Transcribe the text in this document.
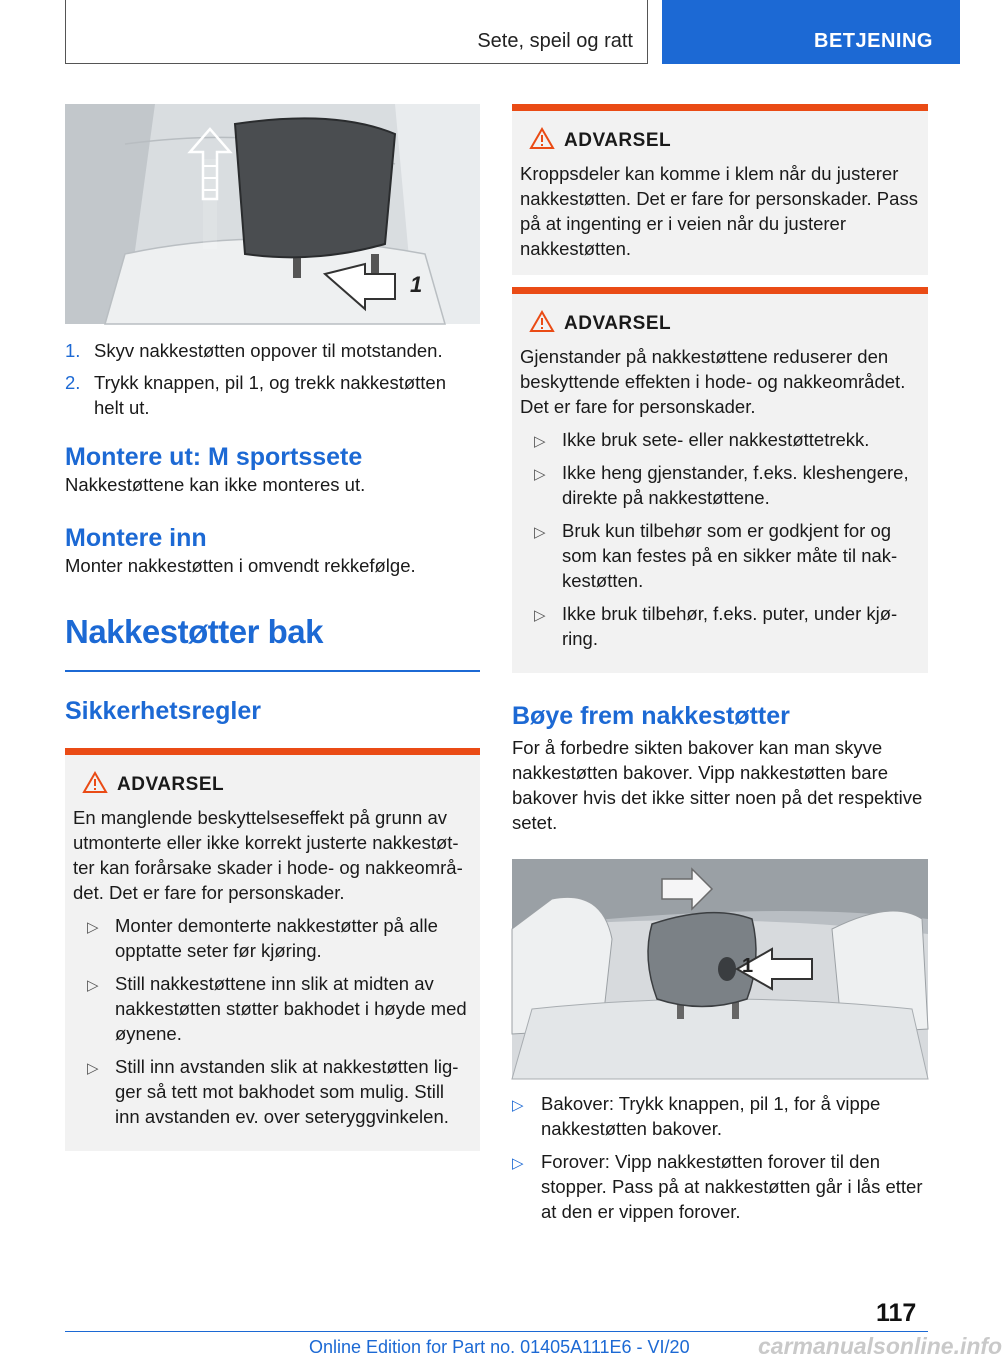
Sete, speil og ratt	BETJENING
1
1. Skyv nakkestøtten oppover til motstanden.
2. Trykk knappen, pil 1, og trekk nakkestøtten helt ut.
Montere ut: M sportssete

Nakkestøttene kan ikke monteres ut.

Montere inn

Monter nakkestøtten i omvendt rekkefølge.

Nakkestøtter bak
Sikkerhetsregler
ADVARSEL

En manglende beskyttelseseffekt på grunn av utmonterte eller ikke korrekt justerte nakkestøtter kan forårsake skader i hode- og nakkeområdet. Det er fare for personskader.

▷ Monter demonterte nakkestøtter på alle opptatte seter før kjøring.
▷ Still nakkestøttene inn slik at midten av nakkestøtten støtter bakhodet i høyde med øynene.
▷ Still inn avstanden slik at nakkestøtten ligger så tett mot bakhodet som mulig. Still inn avstanden ev. over seteryggvinkelen.
ADVARSEL

Kroppsdeler kan komme i klem når du justerer nakkestøtten. Det er fare for personskader. Pass på at ingenting er i veien når du justerer nakkestøtten.

ADVARSEL

Gjenstander på nakkestøttene reduserer den beskyttende effekten i hode- og nakkeområdet. Det er fare for personskader.

▷ Ikke bruk sete- eller nakkestøttetrekk.
▷ Ikke heng gjenstander, f.eks. kleshengere, direkte på nakkestøttene.
▷ Bruk kun tilbehør som er godkjent for og som kan festes på en sikker måte til nakkestøtten.
▷ Ikke bruk tilbehør, f.eks. puter, under kjøring.
Bøye frem nakkestøtter

For å forbedre sikten bakover kan man skyve nakkestøtten bakover. Vipp nakkestøtten bare bakover hvis det ikke sitter noen på det respektive setet.

1
▷ Bakover: Trykk knappen, pil 1, for å vippe nakkestøtten bakover.
▷ Forover: Vipp nakkestøtten forover til den stopper. Pass på at nakkestøtten går i lås etter at den er vippen forover.
117
Online Edition for Part no. 01405A111E6 - VI/20	carmanualsonline.info
